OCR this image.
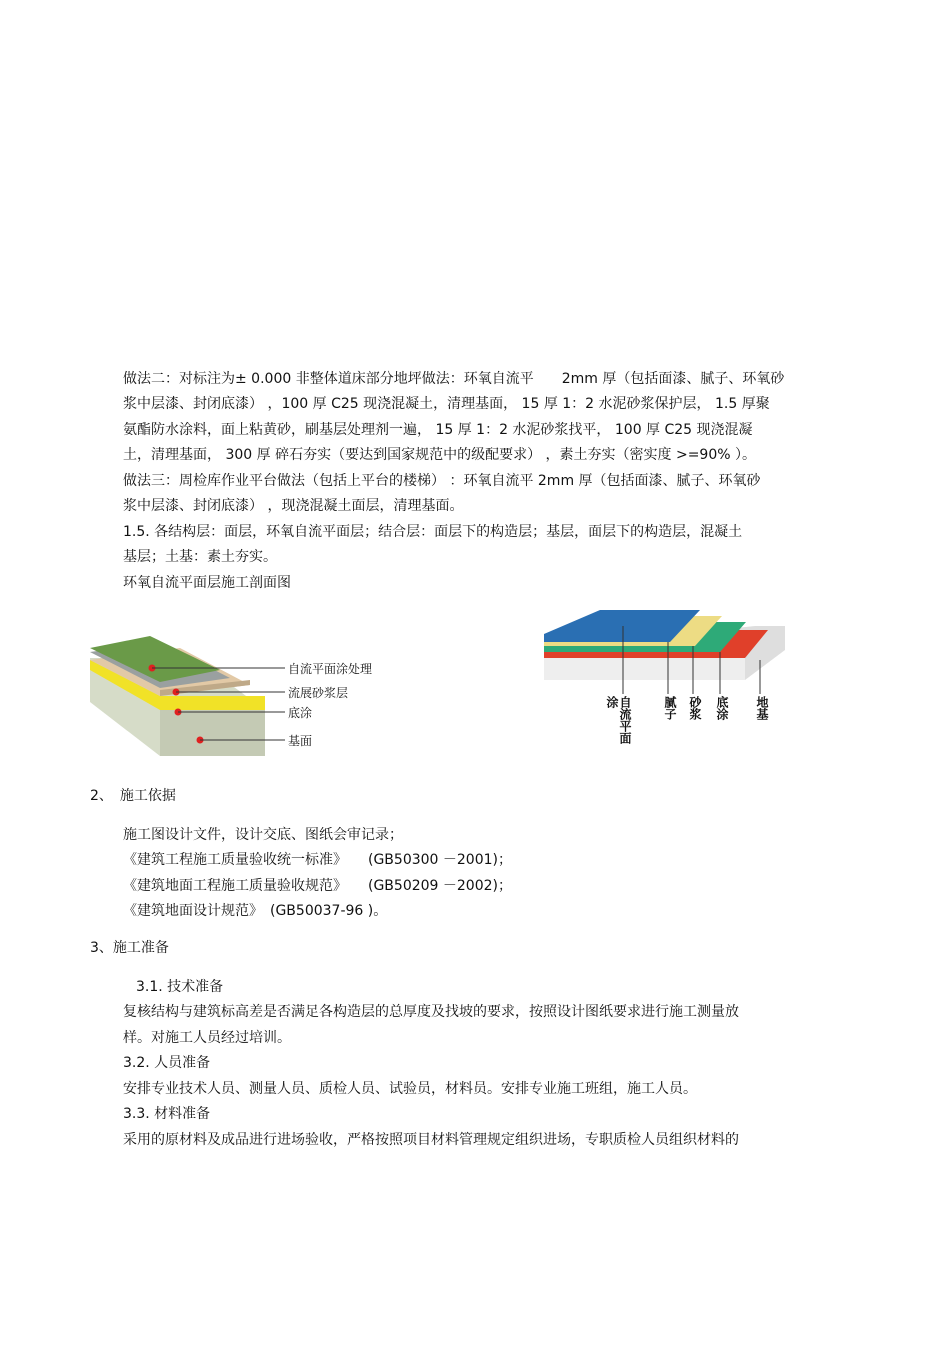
做法二：对标注为± 0.000 非整体道床部分地坪做法：环氧自流平　　2mm 厚（包括面漆、腻子、环氧砂
浆中层漆、封闭底漆） ，100 厚 C25 现浇混凝土，清理基面， 15 厚 1：2 水泥砂浆保护层， 1.5 厚聚
氨酯防水涂料，面上粘黄砂，刷基层处理剂一遍， 15 厚 1：2 水泥砂浆找平， 100 厚 C25 现浇混凝
土，清理基面， 300 厚 碎石夯实（要达到国家规范中的级配要求） ，素土夯实（密实度 >=90% ）。
做法三：周检库作业平台做法（包括上平台的楼梯） ：环氧自流平 2mm 厚（包括面漆、腻子、环氧砂
浆中层漆、封闭底漆） ，现浇混凝土面层，清理基面。
1.5. 各结构层：面层，环氧自流平面层；结合层：面层下的构造层；基层，面层下的构造层，混凝土
基层；土基：素土夯实。
环氧自流平面层施工剖面图
自流平面涂处理
流展砂浆层
底涂
基面	自流平面涂	腻子 砂浆 底涂 地基
2、　施工依据
施工图设计文件，设计交底、图纸会审记录；
《建筑工程施工质量验收统一标准》　　(GB50300 －2001)；
《建筑地面工程施工质量验收规范》　　(GB50209 －2002)；
《建筑地面设计规范》　(GB50037-96 )。
3、施工准备
3.1. 技术准备
复核结构与建筑标高差是否满足各构造层的总厚度及找坡的要求，按照设计图纸要求进行施工测量放
样。对施工人员经过培训。
3.2. 人员准备
安排专业技术人员、测量人员、质检人员、试验员，材料员。安排专业施工班组，施工人员。
3.3. 材料准备
采用的原材料及成品进行进场验收，严格按照项目材料管理规定组织进场，专职质检人员组织材料的
